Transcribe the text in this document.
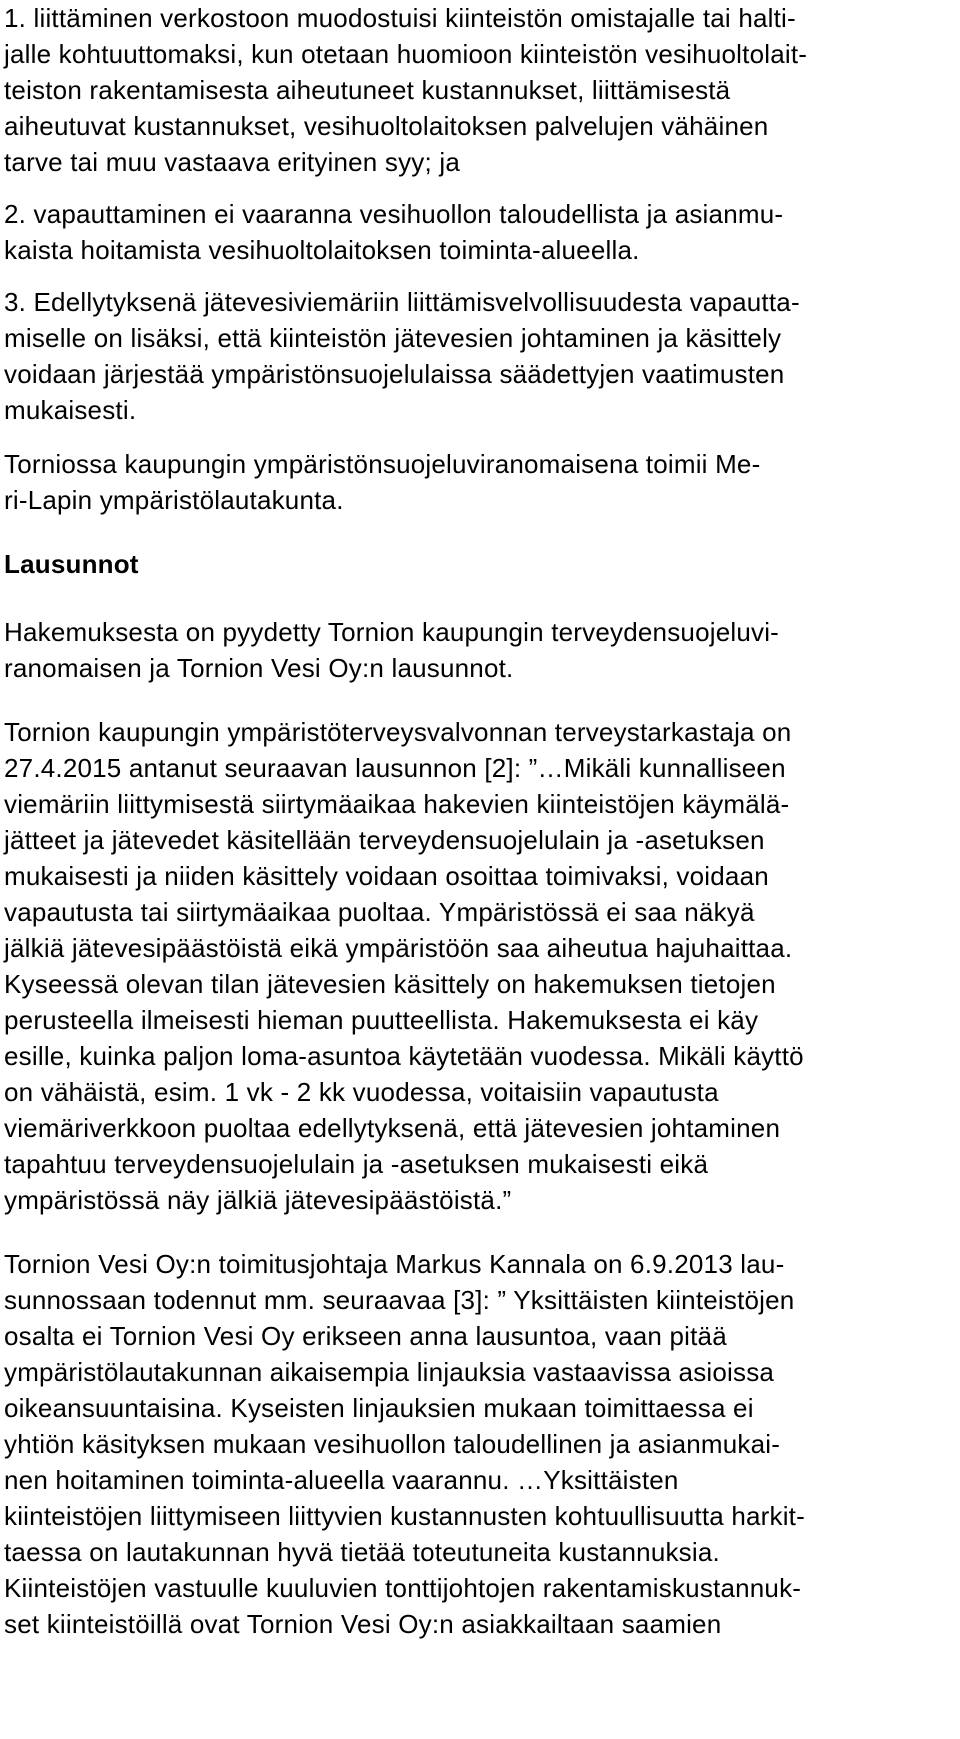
1. liittäminen verkostoon muodostuisi kiinteistön omistajalle tai halti-
jalle kohtuuttomaksi, kun otetaan huomioon kiinteistön vesihuoltolait-
teiston rakentamisesta aiheutuneet kustannukset, liittämisestä
aiheutuvat kustannukset, vesihuoltolaitoksen palvelujen vähäinen
tarve tai muu vastaava erityinen syy; ja
2. vapauttaminen ei vaaranna vesihuollon taloudellista ja asianmu-
kaista hoitamista vesihuoltolaitoksen toiminta-alueella.
3. Edellytyksenä jätevesiviemäriin liittämisvelvollisuudesta vapautta-
miselle on lisäksi, että kiinteistön jätevesien johtaminen ja käsittely
voidaan järjestää ympäristönsuojelulaissa säädettyjen vaatimusten
mukaisesti.
Torniossa kaupungin ympäristönsuojeluviranomaisena toimii Me-
ri-Lapin ympäristölautakunta.
Lausunnot
Hakemuksesta on pyydetty Tornion kaupungin terveydensuojeluvi-
ranomaisen ja Tornion Vesi Oy:n lausunnot.
Tornion kaupungin ympäristöterveysvalvonnan terveystarkastaja on
27.4.2015 antanut seuraavan lausunnon [2]: ”…Mikäli kunnalliseen
viemäriin liittymisestä siirtymäaikaa hakevien kiinteistöjen käymälä-
jätteet ja jätevedet käsitellään terveydensuojelulain ja -asetuksen
mukaisesti ja niiden käsittely voidaan osoittaa toimivaksi, voidaan
vapautusta tai siirtymäaikaa puoltaa. Ympäristössä ei saa näkyä
jälkiä jätevesipäästöistä eikä ympäristöön saa aiheutua hajuhaittaa.
Kyseessä olevan tilan jätevesien käsittely on hakemuksen tietojen
perusteella ilmeisesti hieman puutteellista. Hakemuksesta ei käy
esille, kuinka paljon loma-asuntoa käytetään vuodessa. Mikäli käyttö
on vähäistä, esim. 1 vk - 2 kk vuodessa, voitaisiin vapautusta
viemäriverkkoon puoltaa edellytyksenä, että jätevesien johtaminen
tapahtuu terveydensuojelulain ja -asetuksen mukaisesti eikä
ympäristössä näy jälkiä jätevesipäästöistä.”
Tornion Vesi Oy:n toimitusjohtaja Markus Kannala on 6.9.2013 lau-
sunnossaan todennut mm. seuraavaa [3]: ” Yksittäisten kiinteistöjen
osalta ei Tornion Vesi Oy erikseen anna lausuntoa, vaan pitää
ympäristölautakunnan aikaisempia linjauksia vastaavissa asioissa
oikeansuuntaisina. Kyseisten linjauksien mukaan toimittaessa ei
yhtiön käsityksen mukaan vesihuollon taloudellinen ja asianmukai-
nen hoitaminen toiminta-alueella vaarannu. …Yksittäisten
kiinteistöjen liittymiseen liittyvien kustannusten kohtuullisuutta harkit-
taessa on lautakunnan hyvä tietää toteutuneita kustannuksia.
Kiinteistöjen vastuulle kuuluvien tonttijohtojen rakentamiskustannuk-
set kiinteistöillä ovat Tornion Vesi Oy:n asiakkailtaan saamien
